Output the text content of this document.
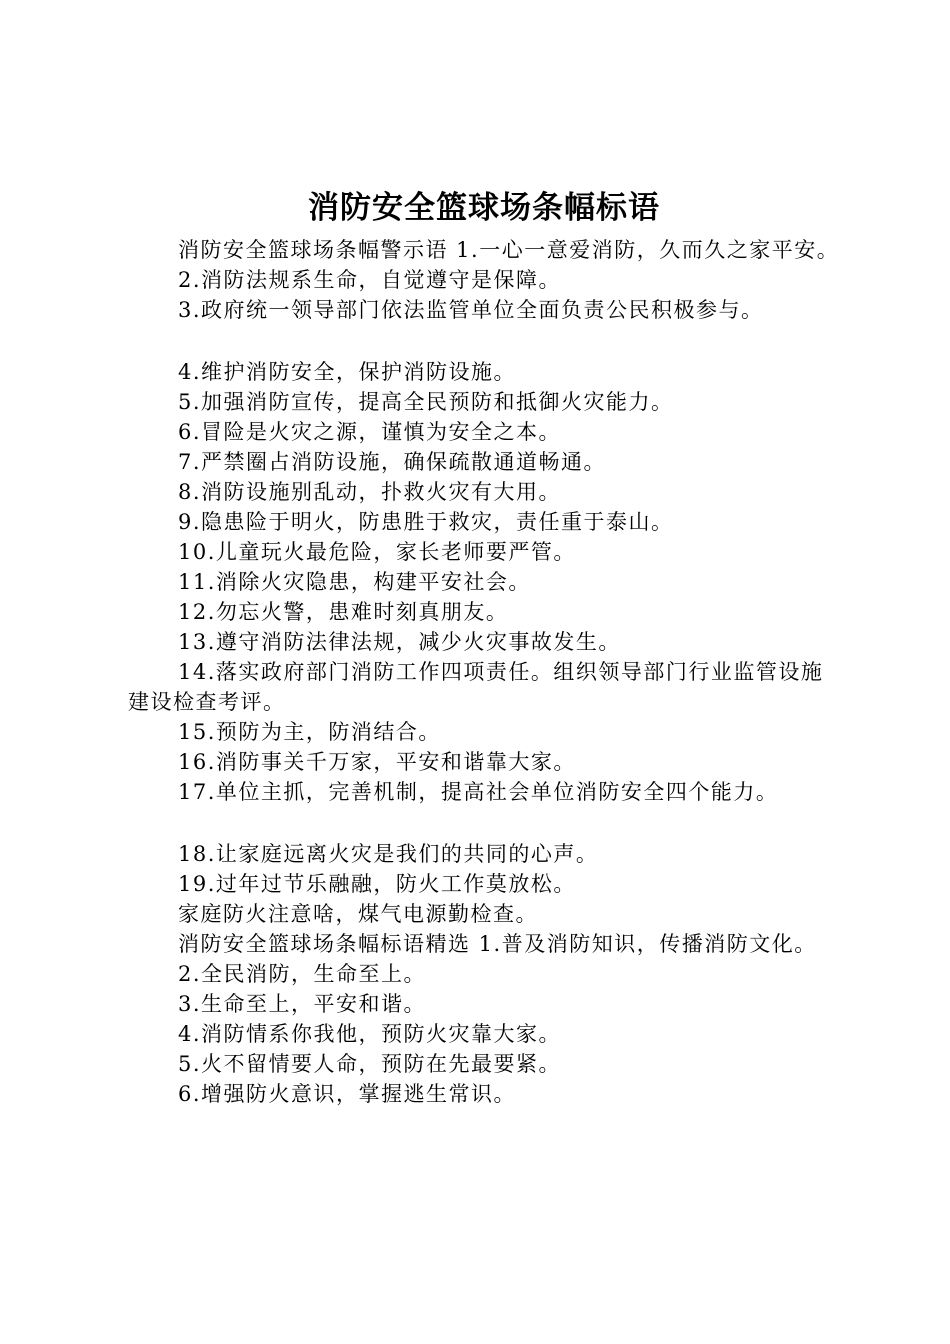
消防安全篮球场条幅标语

消防安全篮球场条幅警示语 1.一心一意爱消防，久而久之家平安。

2.消防法规系生命，自觉遵守是保障。

3.政府统一领导部门依法监管单位全面负责公民积极参与。

4.维护消防安全，保护消防设施。

5.加强消防宣传，提高全民预防和抵御火灾能力。

6.冒险是火灾之源，谨慎为安全之本。

7.严禁圈占消防设施，确保疏散通道畅通。

8.消防设施别乱动，扑救火灾有大用。

9.隐患险于明火，防患胜于救灾，责任重于泰山。

10.儿童玩火最危险，家长老师要严管。

11.消除火灾隐患，构建平安社会。

12.勿忘火警，患难时刻真朋友。

13.遵守消防法律法规，减少火灾事故发生。

14.落实政府部门消防工作四项责任。组织领导部门行业监管设施建设检查考评。

15.预防为主，防消结合。

16.消防事关千万家，平安和谐靠大家。

17.单位主抓，完善机制，提高社会单位消防安全四个能力。

18.让家庭远离火灾是我们的共同的心声。

19.过年过节乐融融，防火工作莫放松。

家庭防火注意啥，煤气电源勤检查。

消防安全篮球场条幅标语精选 1.普及消防知识，传播消防文化。

2.全民消防，生命至上。

3.生命至上，平安和谐。

4.消防情系你我他，预防火灾靠大家。

5.火不留情要人命，预防在先最要紧。

6.增强防火意识，掌握逃生常识。
